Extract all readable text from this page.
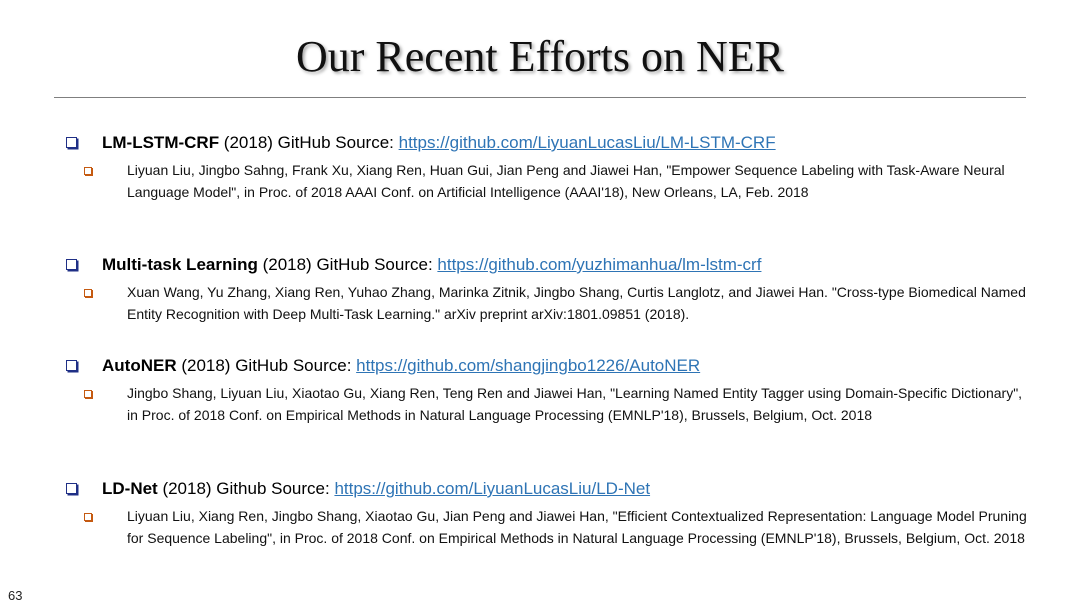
Our Recent Efforts on NER
LM-LSTM-CRF (2018) GitHub Source: https://github.com/LiyuanLucasLiu/LM-LSTM-CRF
Liyuan Liu, Jingbo Sahng, Frank Xu, Xiang Ren, Huan Gui, Jian Peng and Jiawei Han, "Empower Sequence Labeling with Task-Aware Neural Language Model", in Proc. of 2018 AAAI Conf. on Artificial Intelligence (AAAI'18), New Orleans, LA, Feb. 2018
Multi-task Learning (2018) GitHub Source: https://github.com/yuzhimanhua/lm-lstm-crf
Xuan Wang, Yu Zhang, Xiang Ren, Yuhao Zhang, Marinka Zitnik, Jingbo Shang, Curtis Langlotz, and Jiawei Han. "Cross-type Biomedical Named Entity Recognition with Deep Multi-Task Learning." arXiv preprint arXiv:1801.09851 (2018).
AutoNER (2018) GitHub Source: https://github.com/shangjingbo1226/AutoNER
Jingbo Shang, Liyuan Liu, Xiaotao Gu, Xiang Ren, Teng Ren and Jiawei Han, "Learning Named Entity Tagger using Domain-Specific Dictionary", in Proc. of 2018 Conf. on Empirical Methods in Natural Language Processing (EMNLP'18), Brussels, Belgium, Oct. 2018
LD-Net (2018) Github Source: https://github.com/LiyuanLucasLiu/LD-Net
Liyuan Liu, Xiang Ren, Jingbo Shang, Xiaotao Gu, Jian Peng and Jiawei Han, "Efficient Contextualized Representation: Language Model Pruning for Sequence Labeling", in Proc. of 2018 Conf. on Empirical Methods in Natural Language Processing (EMNLP'18), Brussels, Belgium, Oct. 2018
63
